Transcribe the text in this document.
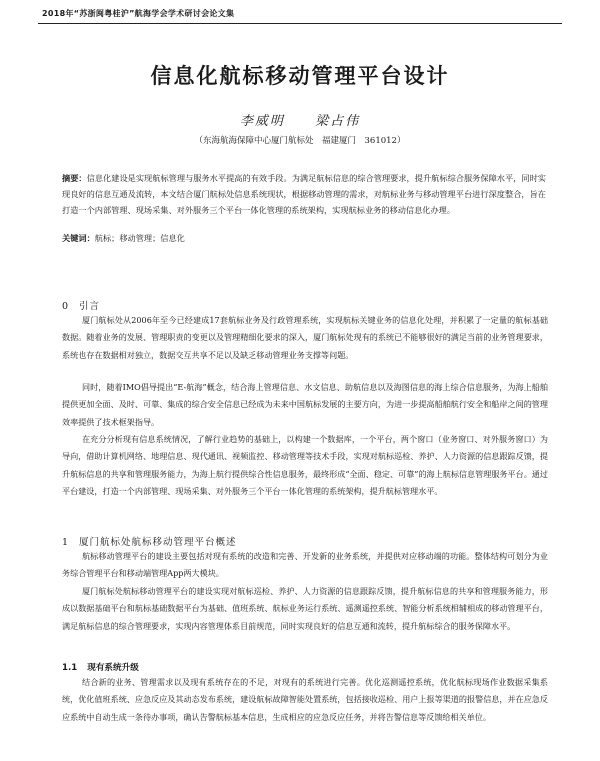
2018年“苏浙闽粤桂沪”航海学会学术研讨会论文集
信息化航标移动管理平台设计
李威明 梁占伟
（东海航海保障中心厦门航标处　福建厦门　361012）
摘要：信息化建设是实现航标管理与服务水平提高的有效手段。为满足航标信息的综合管理要求，提升航标综合服务保障水平，同时实现良好的信息互通及流转，本文结合厦门航标处信息系统现状，根据移动管理的需求，对航标业务与移动管理平台进行深度整合，旨在打造一个内部管理、现场采集、对外服务三个平台一体化管理的系统架构，实现航标业务的移动信息化办理。
关键词：航标；移动管理；信息化
0 引言

厦门航标处从2006年至今已经建成17套航标业务及行政管理系统，实现航标关键业务的信息化处理，并积累了一定量的航标基础数据。随着业务的发展、管理职责的变更以及管理精细化要求的深入，厦门航标处现有的系统已不能够很好的满足当前的业务管理要求，系统也存在数据相对独立，数据交互共享不足以及缺乏移动管理业务支撑等问题。

同时，随着IMO倡导提出“E-航海”概念，结合海上管理信息、水文信息、助航信息以及海图信息的海上综合信息服务，为海上船舶提供更加全面、及时、可靠、集成的综合安全信息已经成为未来中国航标发展的主要方向，为进一步提高船舶航行安全和船岸之间的管理效率提供了技术框架指导。

在充分分析现有信息系统情况，了解行业趋势的基础上，以构建一个数据库，一个平台，两个窗口（业务窗口、对外服务窗口）为导向，借助计算机网络、地理信息、现代通讯、视频监控、移动管理等技术手段，实现对航标巡检、养护、人力资源的信息跟踪反馈，提升航标信息的共享和管理服务能力，为海上航行提供综合性信息服务，最终形成“全面、稳定、可靠”的海上航标信息管理服务平台。通过平台建设，打造一个内部管理、现场采集、对外服务三个平台一体化管理的系统架构，提升航标管理水平。

1 厦门航标处航标移动管理平台概述

航标移动管理平台的建设主要包括对现有系统的改造和完善、开发新的业务系统，并提供对应移动端的功能。整体结构可划分为业务综合管理平台和移动端管理App两大模块。

厦门航标处航标移动管理平台的建设实现对航标巡检、养护、人力资源的信息跟踪反馈，提升航标信息的共享和管理服务能力，形成以数据基础平台和航标基础数据平台为基础、值班系统、航标业务运行系统、遥测遥控系统、智能分析系统相辅相成的移动管理平台，满足航标信息的综合管理要求，实现内容管理体系目前规范，同时实现良好的信息互通和流转，提升航标综合的服务保障水平。

1.1 现有系统升级

结合新的业务、管理需求以及现有系统存在的不足，对现有的系统进行完善。优化巡测遥控系统，优化航标现场作业数据采集系统，优化值班系统、应急反应及其动态发布系统，建设航标故障智能处置系统，包括接收巡检、用户上报等渠道的报警信息，并在应急反应系统中自动生成一条待办事项，确认告警航标基本信息，生成相应的应急反应任务，并将告警信息等反馈给相关单位。
